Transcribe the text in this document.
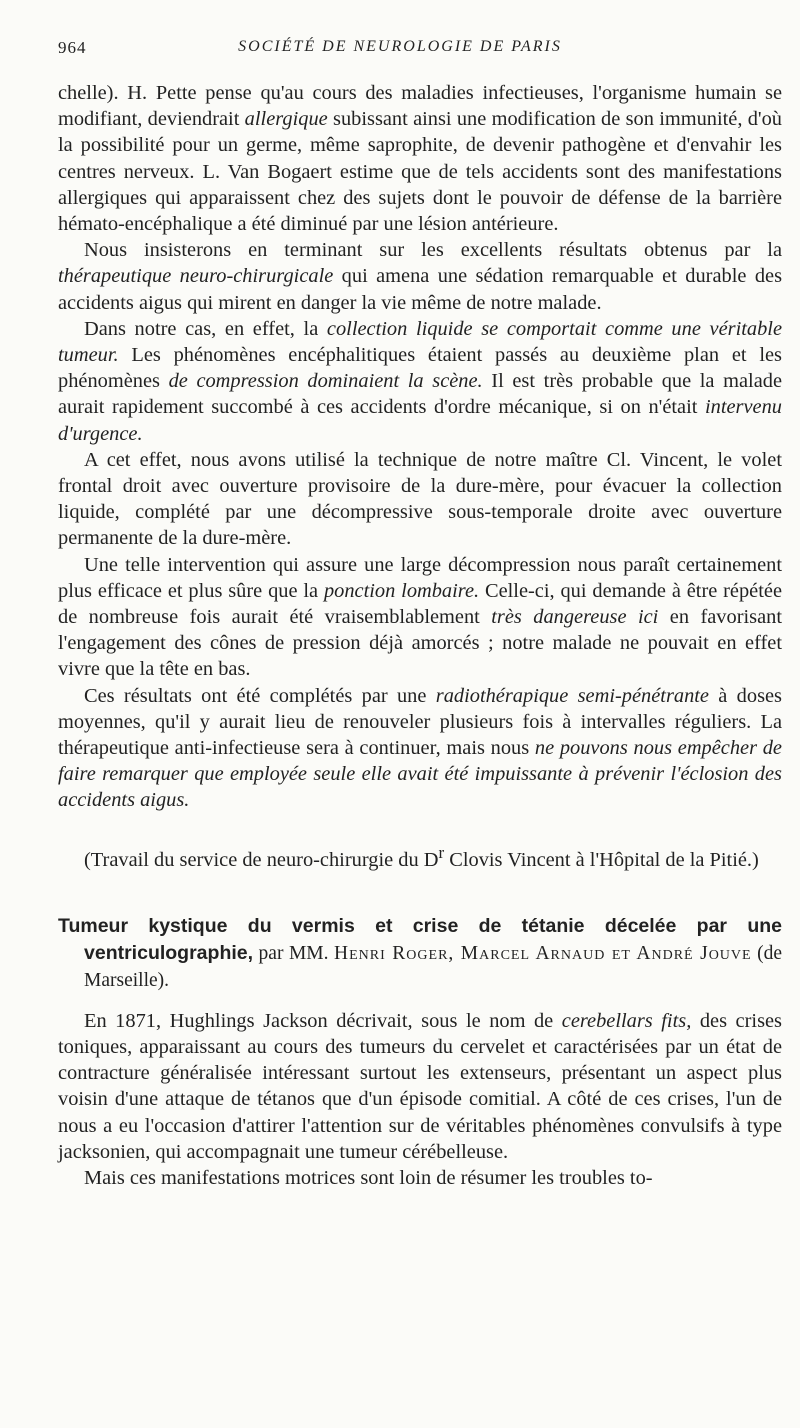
964	SOCIÉTÉ DE NEUROLOGIE DE PARIS

chelle). H. Pette pense qu'au cours des maladies infectieuses, l'organisme humain se modifiant, deviendrait allergique subissant ainsi une modification de son immunité, d'où la possibilité pour un germe, même saprophite, de devenir pathogène et d'envahir les centres nerveux. L. Van Bogaert estime que de tels accidents sont des manifestations allergiques qui apparaissent chez des sujets dont le pouvoir de défense de la barrière hémato-encéphalique a été diminué par une lésion antérieure.

Nous insisterons en terminant sur les excellents résultats obtenus par la thérapeutique neuro-chirurgicale qui amena une sédation remarquable et durable des accidents aigus qui mirent en danger la vie même de notre malade.

Dans notre cas, en effet, la collection liquide se comportait comme une véritable tumeur. Les phénomènes encéphalitiques étaient passés au deuxième plan et les phénomènes de compression dominaient la scène. Il est très probable que la malade aurait rapidement succombé à ces accidents d'ordre mécanique, si on n'était intervenu d'urgence.

A cet effet, nous avons utilisé la technique de notre maître Cl. Vincent, le volet frontal droit avec ouverture provisoire de la dure-mère, pour évacuer la collection liquide, complété par une décompressive sous-temporale droite avec ouverture permanente de la dure-mère.

Une telle intervention qui assure une large décompression nous paraît certainement plus efficace et plus sûre que la ponction lombaire. Celle-ci, qui demande à être répétée de nombreuse fois aurait été vraisemblablement très dangereuse ici en favorisant l'engagement des cônes de pression déjà amorcés ; notre malade ne pouvait en effet vivre que la tête en bas.

Ces résultats ont été complétés par une radiothérapique semi-pénétrante à doses moyennes, qu'il y aurait lieu de renouveler plusieurs fois à intervalles réguliers. La thérapeutique anti-infectieuse sera à continuer, mais nous ne pouvons nous empêcher de faire remarquer que employée seule elle avait été impuissante à prévenir l'éclosion des accidents aigus.

(Travail du service de neuro-chirurgie du $D^r$ Clovis Vincent à l'Hôpital de la Pitié.)

Tumeur kystique du vermis et crise de tétanie décelée par une ventriculographie, par MM. Henri Roger, Marcel Arnaud et André Jouve (de Marseille).

En 1871, Hughlings Jackson décrivait, sous le nom de cerebellars fits, des crises toniques, apparaissant au cours des tumeurs du cervelet et caractérisées par un état de contracture généralisée intéressant surtout les extenseurs, présentant un aspect plus voisin d'une attaque de tétanos que d'un épisode comitial. A côté de ces crises, l'un de nous a eu l'occasion d'attirer l'attention sur de véritables phénomènes convulsifs à type jacksonien, qui accompagnait une tumeur cérébelleuse.

Mais ces manifestations motrices sont loin de résumer les troubles to-
